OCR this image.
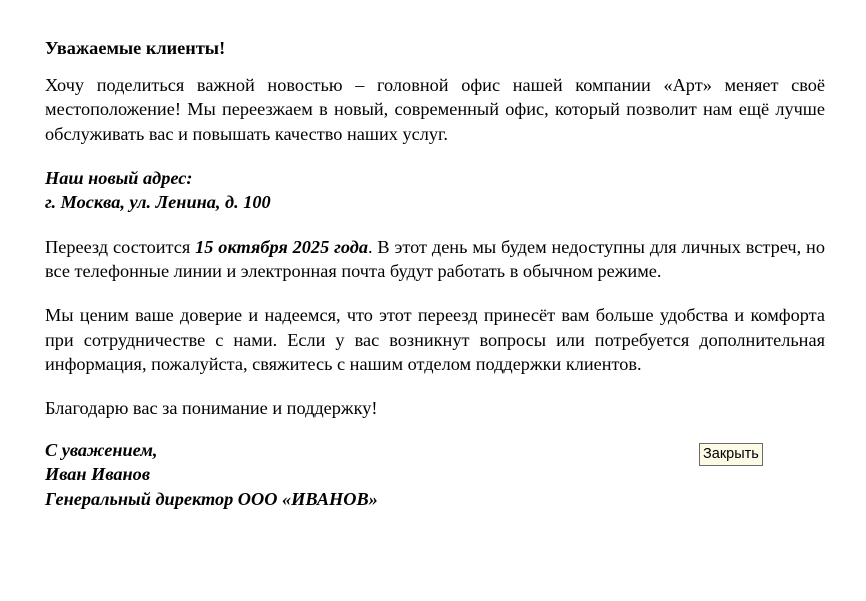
Уважаемые клиенты!

Хочу поделиться важной новостью – головной офис нашей компании «Арт» меняет своё местоположение! Мы переезжаем в новый, современный офис, который позволит нам ещё лучше обслуживать вас и повышать качество наших услуг.

Наш новый адрес:
г. Москва, ул. Ленина, д. 100

Переезд состоится 15 октября 2025 года. В этот день мы будем недоступны для личных встреч, но все телефонные линии и электронная почта будут работать в обычном режиме.

Мы ценим ваше доверие и надеемся, что этот переезд принесёт вам больше удобства и комфорта при сотрудничестве с нами. Если у вас возникнут вопросы или потребуется дополнительная информация, пожалуйста, свяжитесь с нашим отделом поддержки клиентов.

Благодарю вас за понимание и поддержку!

С уважением,
Иван Иванов
Генеральный директор ООО «ИВАНОВ»

Закрыть
